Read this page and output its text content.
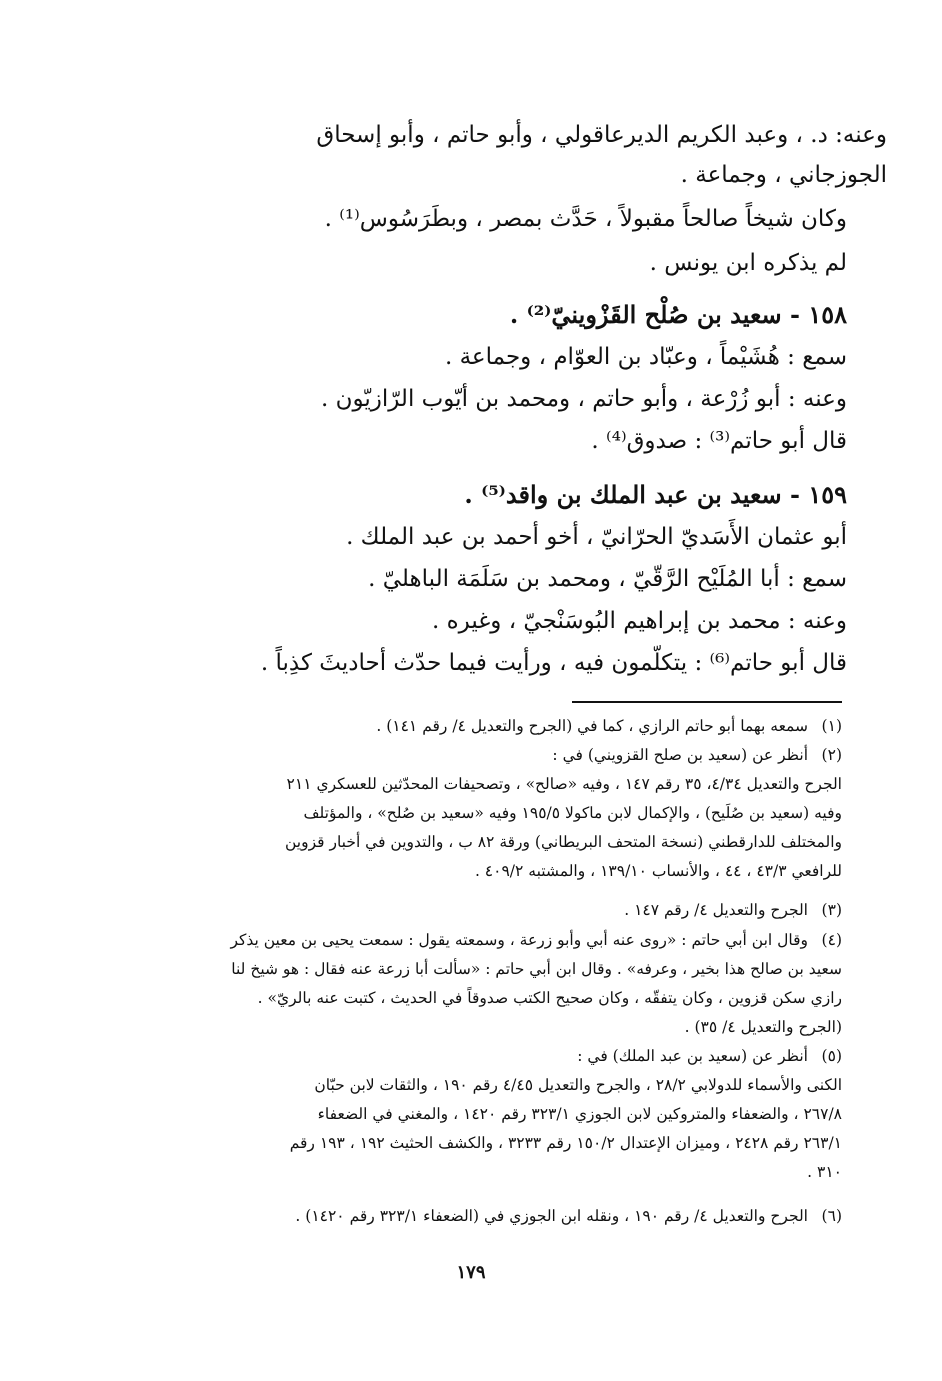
وعنه: د. ، وعبد الكريم الديرعاقولي ، وأبو حاتم ، وأبو إسحاق
الجوزجاني ، وجماعة .
وكان شيخاً صالحاً مقبولاً ، حَدَّث بمصر ، وبطَرَسُوس⁽¹⁾ .
لم يذكره ابن يونس .
١٥٨ - سعيد بن صُلْح القَزْوينيّ⁽²⁾ .
سمع : هُشَيْماً ، وعبّاد بن العوّام ، وجماعة .
وعنه : أبو زُرْعة ، وأبو حاتم ، ومحمد بن أيّوب الرّازيّون .
قال أبو حاتم⁽³⁾ : صدوق⁽⁴⁾ .
١٥٩ - سعيد بن عبد الملك بن واقد⁽⁵⁾ .
أبو عثمان الأَسَديّ الحرّانيّ ، أخو أحمد بن عبد الملك .
سمع : أبا المُلَيْح الرَّقّيّ ، ومحمد بن سَلَمَة الباهليّ .
وعنه : محمد بن إبراهيم البُوسَنْجيّ ، وغيره .
قال أبو حاتم⁽⁶⁾ : يتكلّمون فيه ، ورأيت فيما حدّث أحاديثَ كذِباً .
(١)سمعه بهما أبو حاتم الرازي ، كما في (الجرح والتعديل ٤/ رقم ١٤١) .
(٢)أنظر عن (سعيد بن صلح القزويني) في :
الجرح والتعديل ٤/٣٤، ٣٥ رقم ١٤٧ ، وفيه «صالح» ، وتصحيفات المحدّثين للعسكري ٢١١
وفيه (سعيد بن صُلَيح) ، والإكمال لابن ماكولا ١٩٥/٥ وفيه «سعيد بن صُلح» ، والمؤتلف
والمختلف للدارقطني (نسخة المتحف البريطاني) ورقة ٨٢ ب ، والتدوين في أخبار قزوين
للرافعي ٤٣/٣ ، ٤٤ ، والأنساب ١٣٩/١٠ ، والمشتبه ٤٠٩/٢ .
(٣)الجرح والتعديل ٤/ رقم ١٤٧ .
(٤)وقال ابن أبي حاتم : «روى عنه أبي وأبو زرعة ، وسمعته يقول : سمعت يحيى بن معين يذكر
سعيد بن صالح هذا بخير ، وعرفه» . وقال ابن أبي حاتم : «سألت أبا زرعة عنه فقال : هو شيخ لنا
رازي سكن قزوين ، وكان يتفقّه ، وكان صحيح الكتب صدوقاً في الحديث ، كتبت عنه بالريّ» .
(الجرح والتعديل ٤/ ٣٥) .
(٥)أنظر عن (سعيد بن عبد الملك) في :
الكنى والأسماء للدولابي ٢٨/٢ ، والجرح والتعديل ٤/٤٥ رقم ١٩٠ ، والثقات لابن حبّان
٢٦٧/٨ ، والضعفاء والمتروكين لابن الجوزي ٣٢٣/١ رقم ١٤٢٠ ، والمغني في الضعفاء
٢٦٣/١ رقم ٢٤٢٨ ، وميزان الإعتدال ١٥٠/٢ رقم ٣٢٣٣ ، والكشف الحثيث ١٩٢ ، ١٩٣ رقم
٣١٠ .
(٦)الجرح والتعديل ٤/ رقم ١٩٠ ، ونقله ابن الجوزي في (الضعفاء ٣٢٣/١ رقم ١٤٢٠) .
١٧٩
